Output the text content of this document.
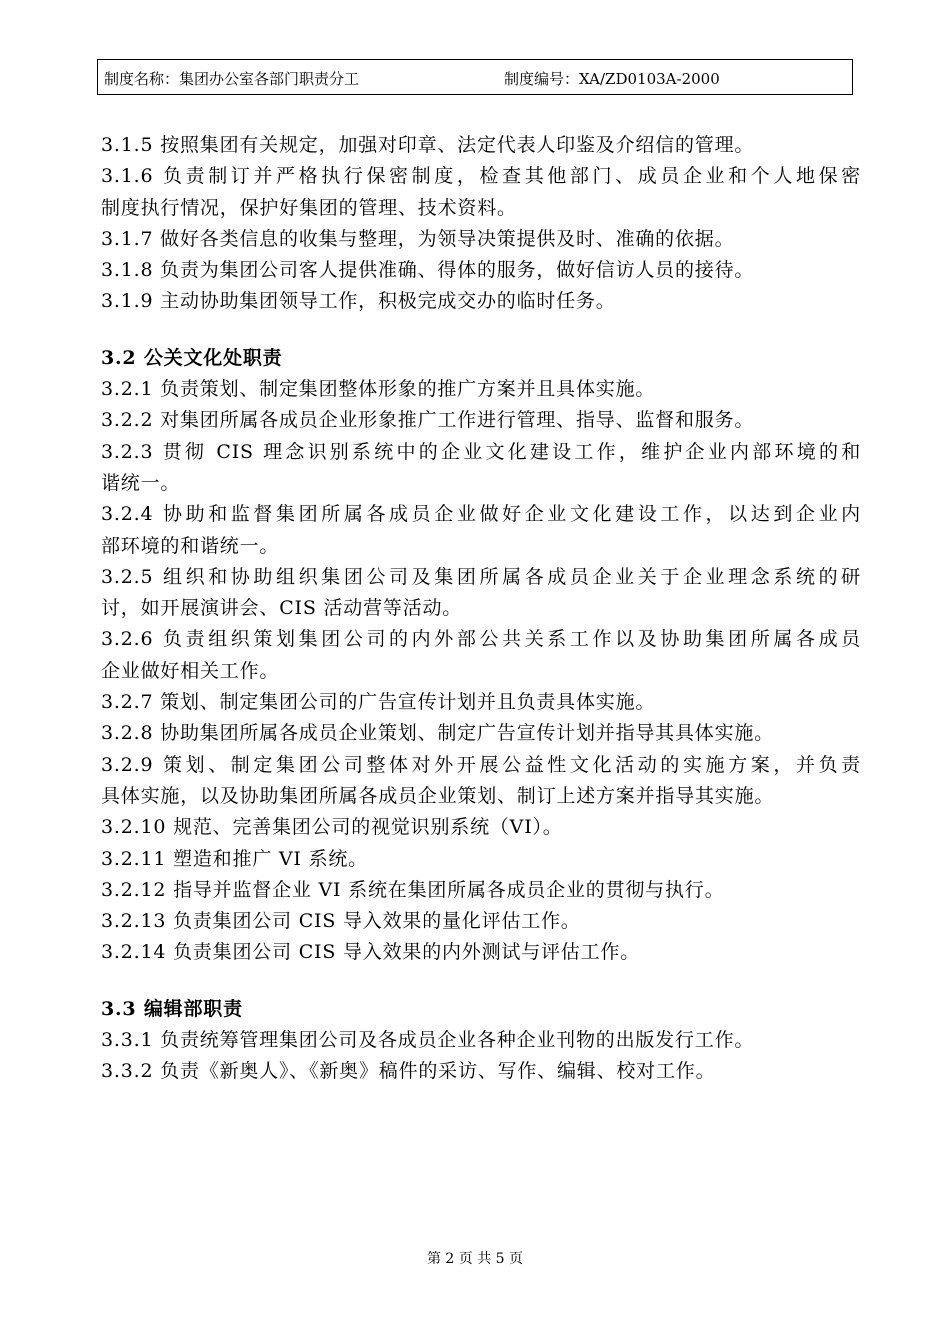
制度名称：集团办公室各部门职责分工	制度编号：XA/ZD0103A-2000
3.1.5 按照集团有关规定，加强对印章、法定代表人印鉴及介绍信的管理。
3.1.6 负责制订并严格执行保密制度，检查其他部门、成员企业和个人地保密
制度执行情况，保护好集团的管理、技术资料。
3.1.7 做好各类信息的收集与整理，为领导决策提供及时、准确的依据。
3.1.8 负责为集团公司客人提供准确、得体的服务，做好信访人员的接待。
3.1.9 主动协助集团领导工作，积极完成交办的临时任务。
3.2 公关文化处职责
3.2.1 负责策划、制定集团整体形象的推广方案并且具体实施。
3.2.2 对集团所属各成员企业形象推广工作进行管理、指导、监督和服务。
3.2.3 贯彻 CIS 理念识别系统中的企业文化建设工作，维护企业内部环境的和
谐统一。
3.2.4 协助和监督集团所属各成员企业做好企业文化建设工作，以达到企业内
部环境的和谐统一。
3.2.5 组织和协助组织集团公司及集团所属各成员企业关于企业理念系统的研
讨，如开展演讲会、CIS 活动营等活动。
3.2.6 负责组织策划集团公司的内外部公共关系工作以及协助集团所属各成员
企业做好相关工作。
3.2.7 策划、制定集团公司的广告宣传计划并且负责具体实施。
3.2.8 协助集团所属各成员企业策划、制定广告宣传计划并指导其具体实施。
3.2.9 策划、制定集团公司整体对外开展公益性文化活动的实施方案，并负责
具体实施，以及协助集团所属各成员企业策划、制订上述方案并指导其实施。
3.2.10 规范、完善集团公司的视觉识别系统（VI）。
3.2.11 塑造和推广 VI 系统。
3.2.12 指导并监督企业 VI 系统在集团所属各成员企业的贯彻与执行。
3.2.13 负责集团公司 CIS 导入效果的量化评估工作。
3.2.14 负责集团公司 CIS 导入效果的内外测试与评估工作。
3.3 编辑部职责
3.3.1 负责统筹管理集团公司及各成员企业各种企业刊物的出版发行工作。
3.3.2 负责《新奥人》、《新奥》稿件的采访、写作、编辑、校对工作。
第 2 页 共 5 页
